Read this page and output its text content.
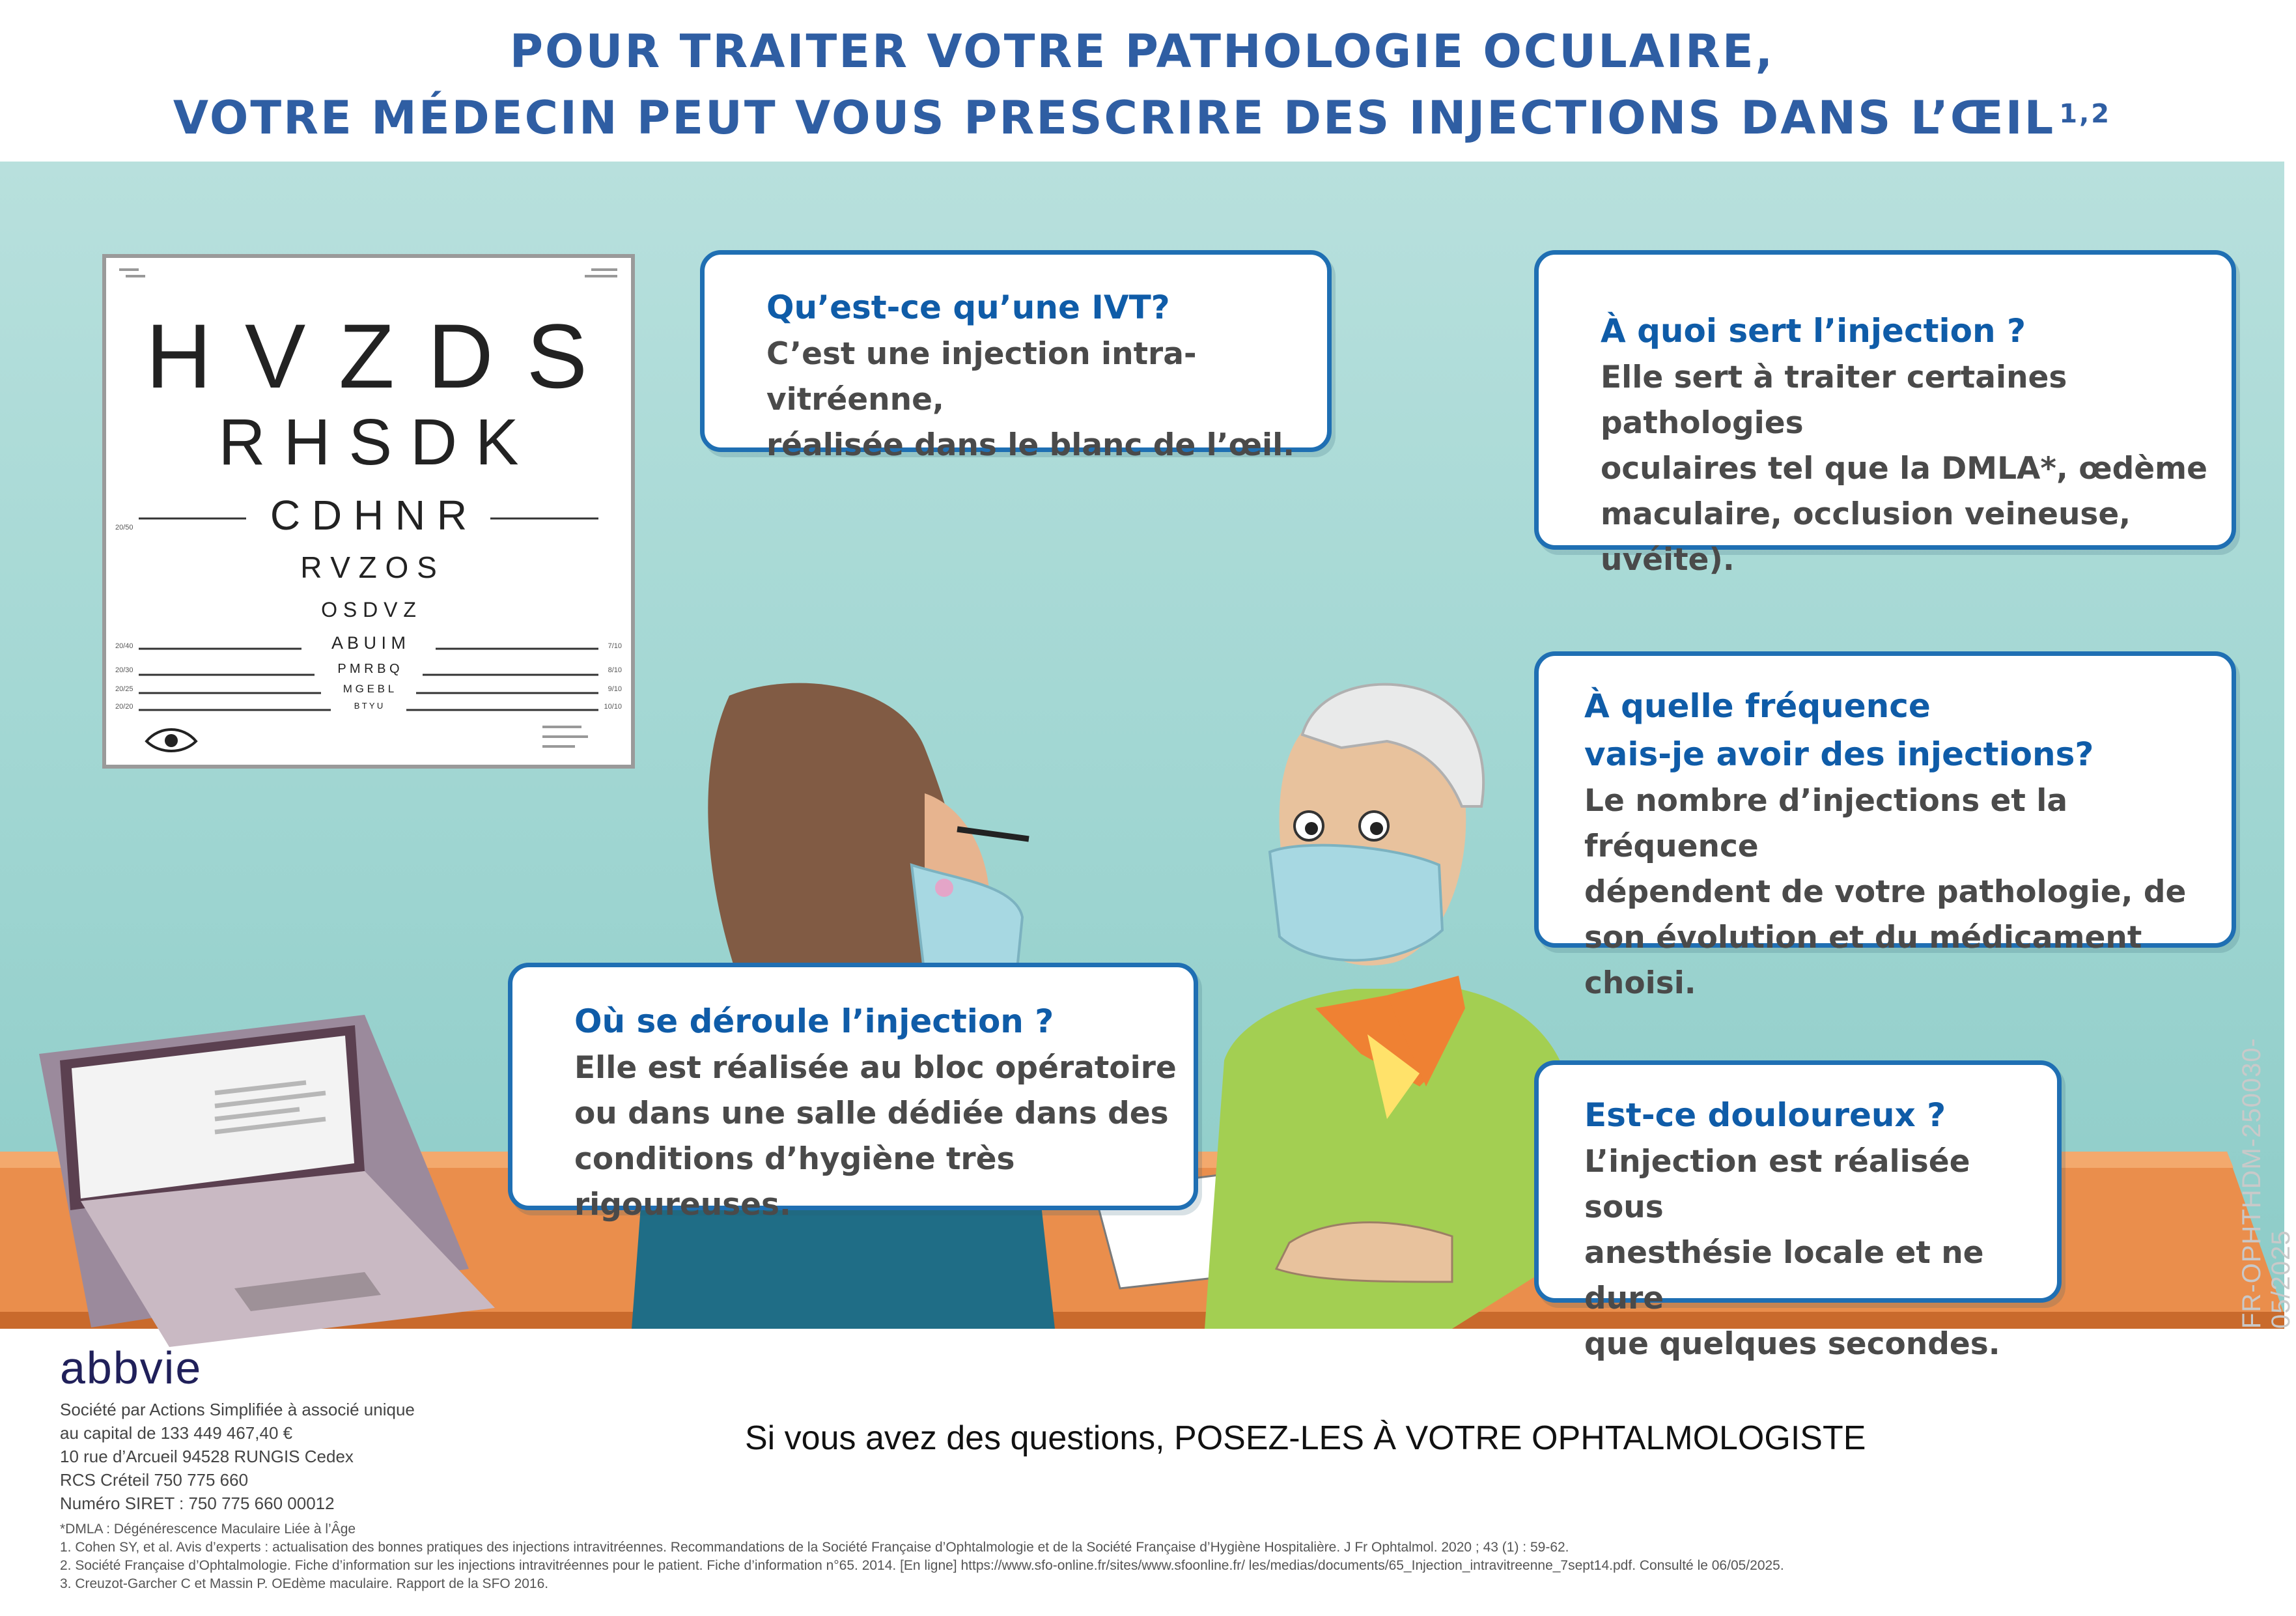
POUR TRAITER VOTRE PATHOLOGIE OCULAIRE,
VOTRE MÉDECIN PEUT VOUS PRESCRIRE DES INJECTIONS DANS L’ŒIL $^{1,2}$
H V Z D S
R H S D K
C D H N R
R V Z O S
O S D V Z
A B U I M
P M R B Q
M G E B L
B T Y U
20/50
20/40
20/30
20/25
20/20
7/10
8/10
9/10
10/10
Qu’est-ce qu’une IVT?
C’est une injection intra-vitréenne,
réalisée dans le blanc de l’œil.
À quoi sert l’injection ?
Elle sert à traiter certaines pathologies
oculaires tel que la DMLA*, œdème
maculaire, occlusion veineuse, uvéite).
À quelle fréquence
vais-je avoir des injections?
Le nombre d’injections et la fréquence
dépendent de votre pathologie, de
son évolution et du médicament choisi.
Où se déroule l’injection ?
Elle est réalisée au bloc opératoire
ou dans une salle dédiée dans des
conditions d’hygiène très rigoureuses.
Est-ce douloureux ?
L’injection est réalisée sous
anesthésie locale et ne dure
que quelques secondes.
FR-OPHTHDM-250030-05/2025
abbvie
Société par Actions Simplifiée à associé unique
au capital de 133 449 467,40 €
10 rue d’Arcueil 94528 RUNGIS Cedex
RCS Créteil 750 775 660
Numéro SIRET : 750 775 660 00012
Si vous avez des questions, POSEZ-LES À VOTRE OPHTALMOLOGISTE
*DMLA : Dégénérescence Maculaire Liée à l’Âge
1. Cohen SY, et al. Avis d’experts : actualisation des bonnes pratiques des injections intravitréennes. Recommandations de la Société Française d’Ophtalmologie et de la Société Française d’Hygiène Hospitalière. J Fr Ophtalmol. 2020 ; 43 (1) : 59-62.
2. Société Française d’Ophtalmologie. Fiche d’information sur les injections intravitréennes pour le patient. Fiche d’information n°65. 2014. [En ligne] https://www.sfo-online.fr/sites/www.sfoonline.fr/ les/medias/documents/65_Injection_intravitreenne_7sept14.pdf. Consulté le 06/05/2025.
3. Creuzot-Garcher C et Massin P. OEdème maculaire. Rapport de la SFO 2016.
